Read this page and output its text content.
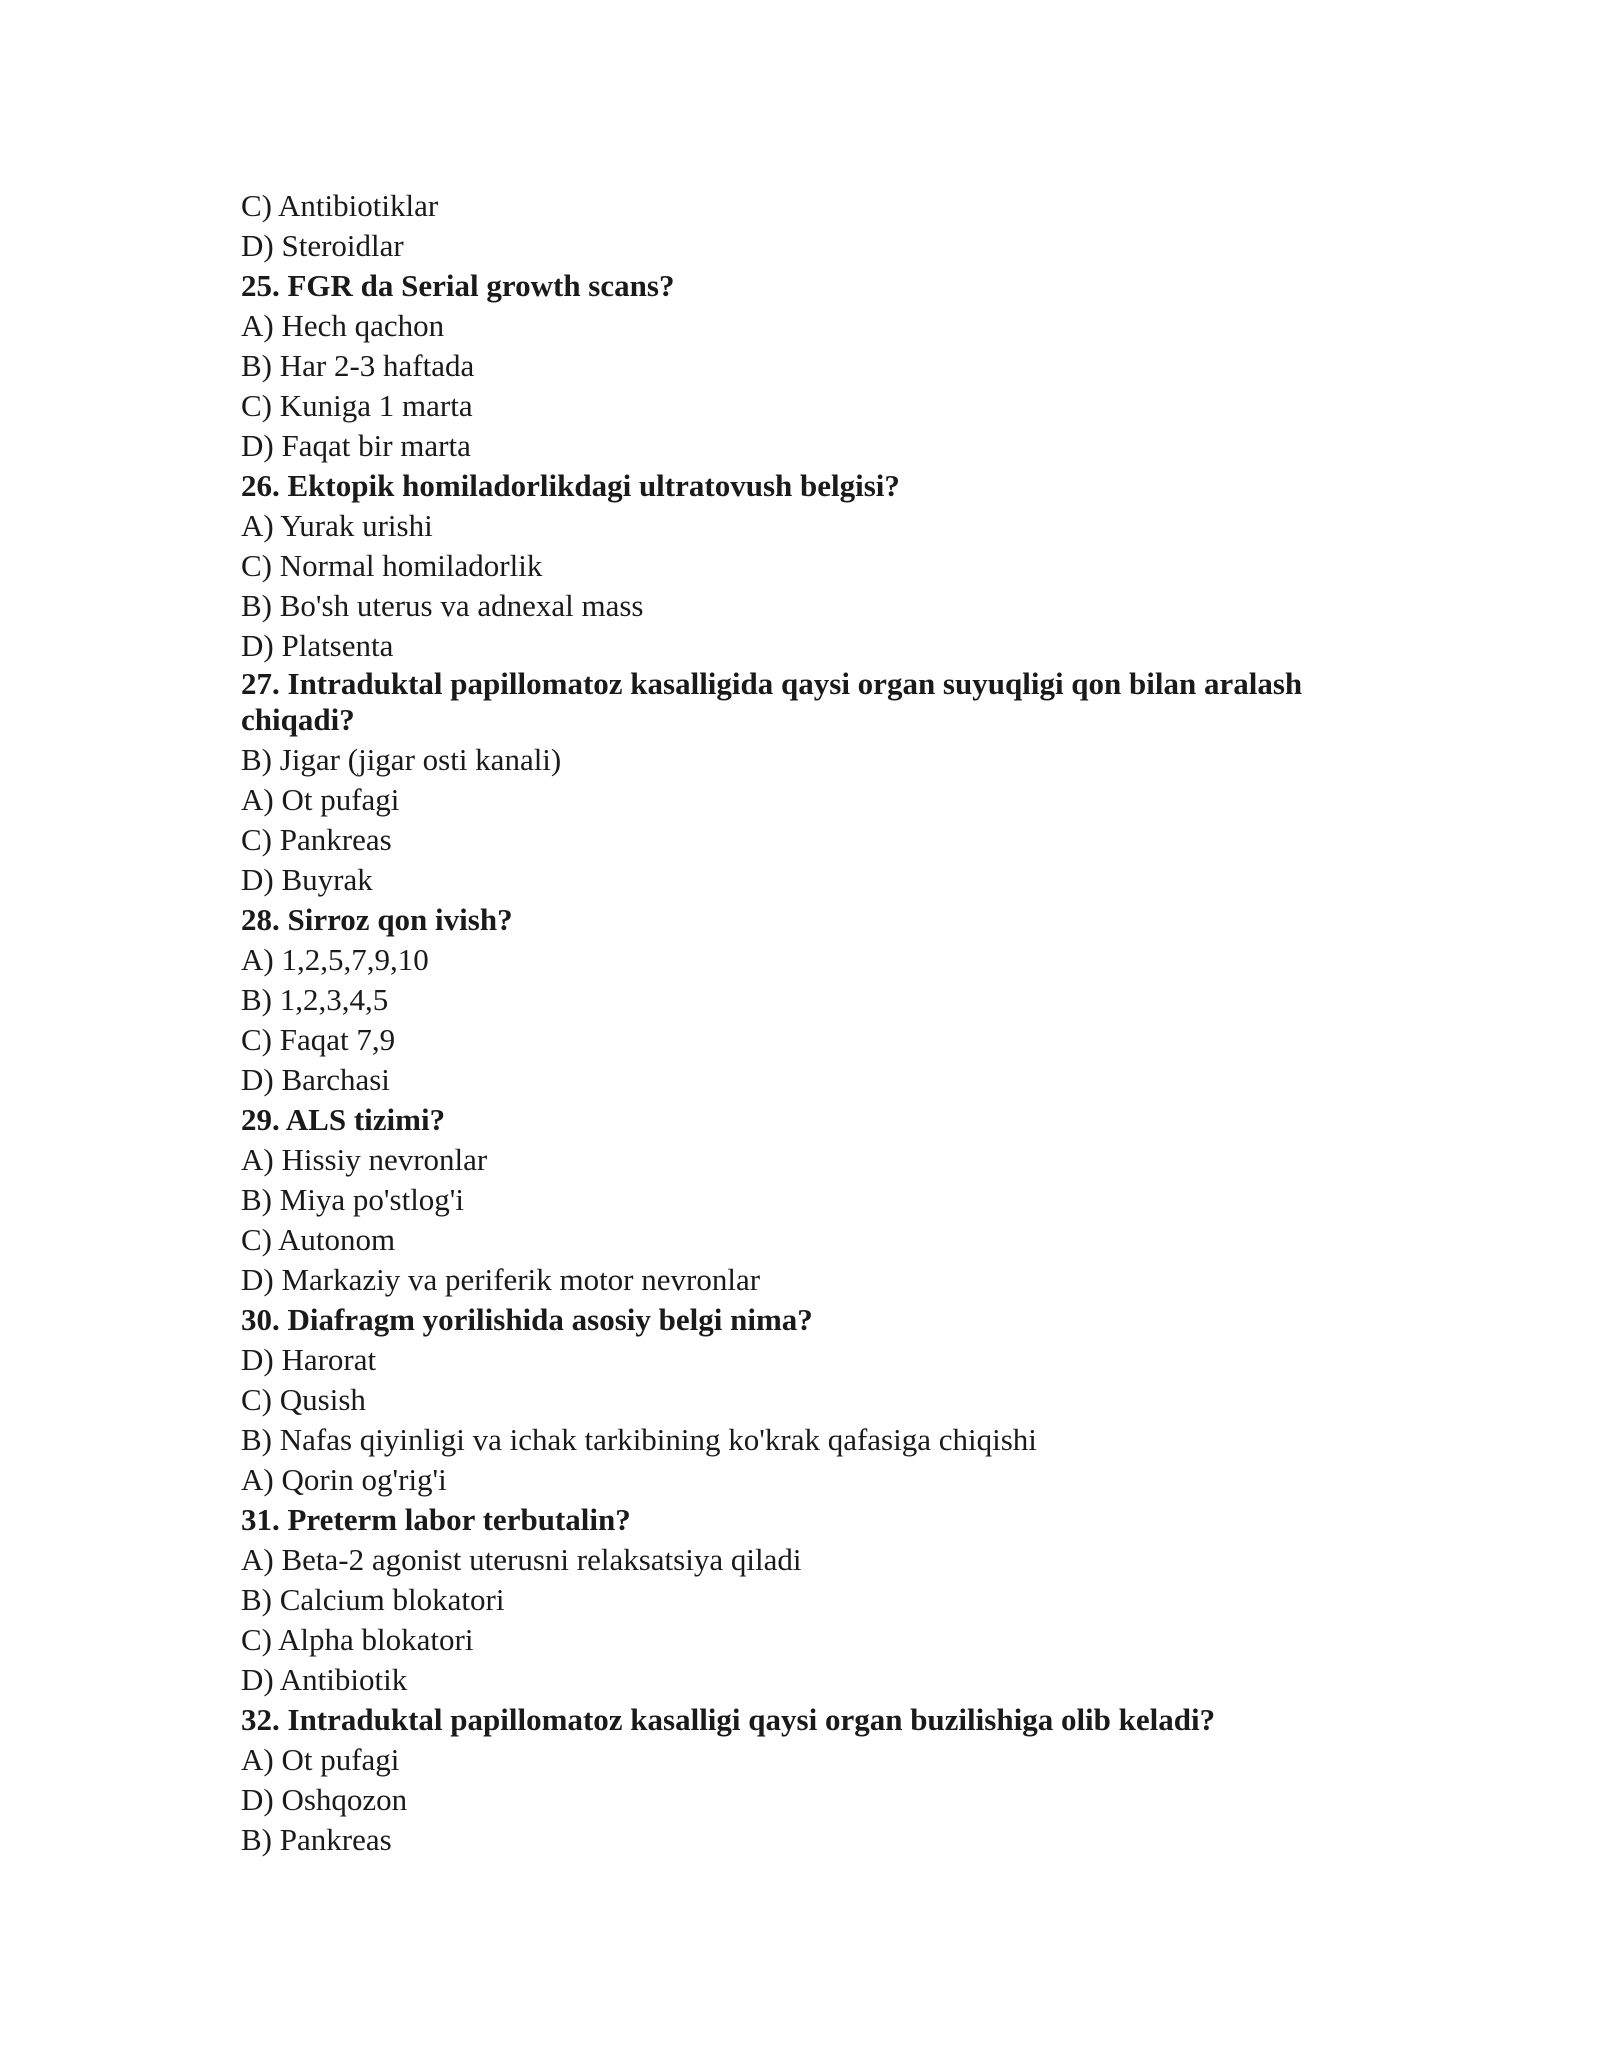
C) Antibiotiklar
D) Steroidlar
25. FGR da Serial growth scans?
A) Hech qachon
B) Har 2-3 haftada
C) Kuniga 1 marta
D) Faqat bir marta
26. Ektopik homiladorlikdagi ultratovush belgisi?
A) Yurak urishi
C) Normal homiladorlik
B) Bo'sh uterus va adnexal mass
D) Platsenta
27. Intraduktal papillomatoz kasalligida qaysi organ suyuqligi qon bilan aralash chiqadi?
B) Jigar (jigar osti kanali)
A) Ot pufagi
C) Pankreas
D) Buyrak
28. Sirroz qon ivish?
A) 1,2,5,7,9,10
B) 1,2,3,4,5
C) Faqat 7,9
D) Barchasi
29. ALS tizimi?
A) Hissiy nevronlar
B) Miya po'stlog'i
C) Autonom
D) Markaziy va periferik motor nevronlar
30. Diafragm yorilishida asosiy belgi nima?
D) Harorat
C) Qusish
B) Nafas qiyinligi va ichak tarkibining ko'krak qafasiga chiqishi
A) Qorin og'rig'i
31. Preterm labor terbutalin?
A) Beta-2 agonist uterusni relaksatsiya qiladi
B) Calcium blokatori
C) Alpha blokatori
D) Antibiotik
32. Intraduktal papillomatoz kasalligi qaysi organ buzilishiga olib keladi?
A) Ot pufagi
D) Oshqozon
B) Pankreas
